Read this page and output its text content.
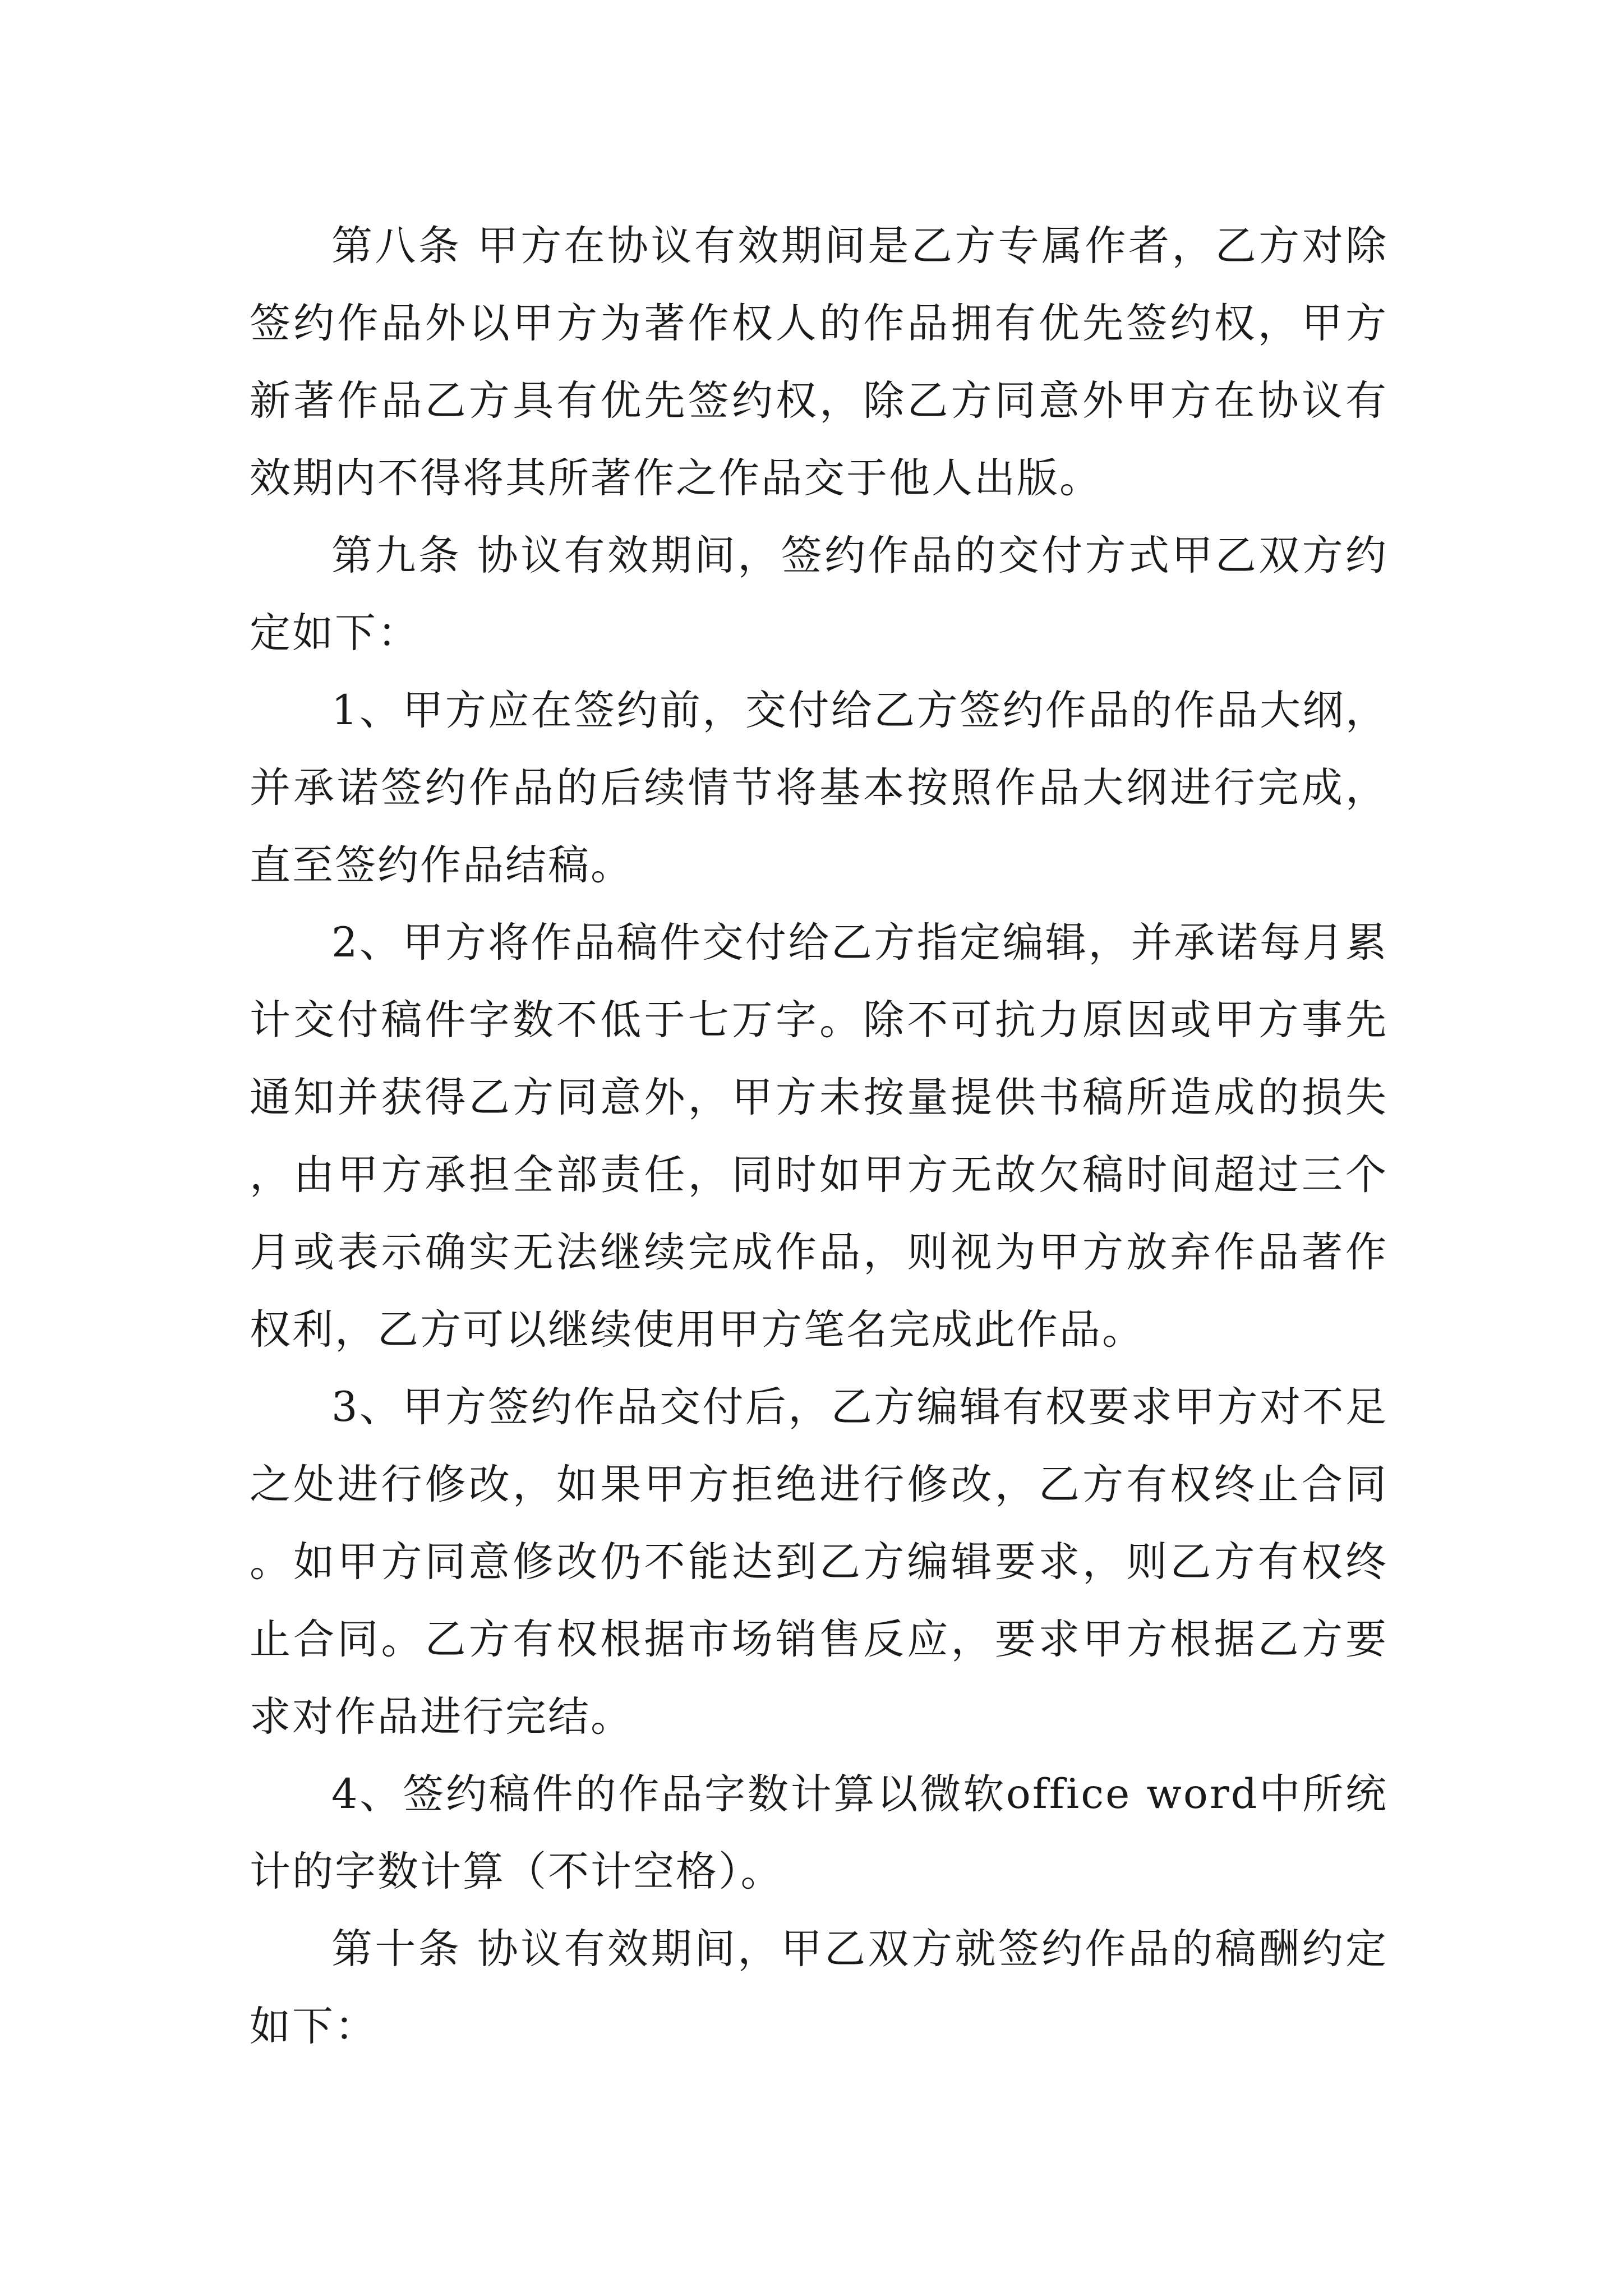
第八条 甲方在协议有效期间是乙方专属作者，乙方对除签约作品外以甲方为著作权人的作品拥有优先签约权，甲方新著作品乙方具有优先签约权，除乙方同意外甲方在协议有效期内不得将其所著作之作品交于他人出版。

第九条 协议有效期间，签约作品的交付方式甲乙双方约定如下：

1、甲方应在签约前，交付给乙方签约作品的作品大纲，并承诺签约作品的后续情节将基本按照作品大纲进行完成，直至签约作品结稿。

2、甲方将作品稿件交付给乙方指定编辑，并承诺每月累计交付稿件字数不低于七万字。除不可抗力原因或甲方事先通知并获得乙方同意外，甲方未按量提供书稿所造成的损失，由甲方承担全部责任，同时如甲方无故欠稿时间超过三个月或表示确实无法继续完成作品，则视为甲方放弃作品著作权利，乙方可以继续使用甲方笔名完成此作品。

3、甲方签约作品交付后，乙方编辑有权要求甲方对不足之处进行修改，如果甲方拒绝进行修改，乙方有权终止合同。如甲方同意修改仍不能达到乙方编辑要求，则乙方有权终止合同。乙方有权根据市场销售反应，要求甲方根据乙方要求对作品进行完结。

4、签约稿件的作品字数计算以微软office word中所统计的字数计算（不计空格）。

第十条 协议有效期间，甲乙双方就签约作品的稿酬约定如下：
